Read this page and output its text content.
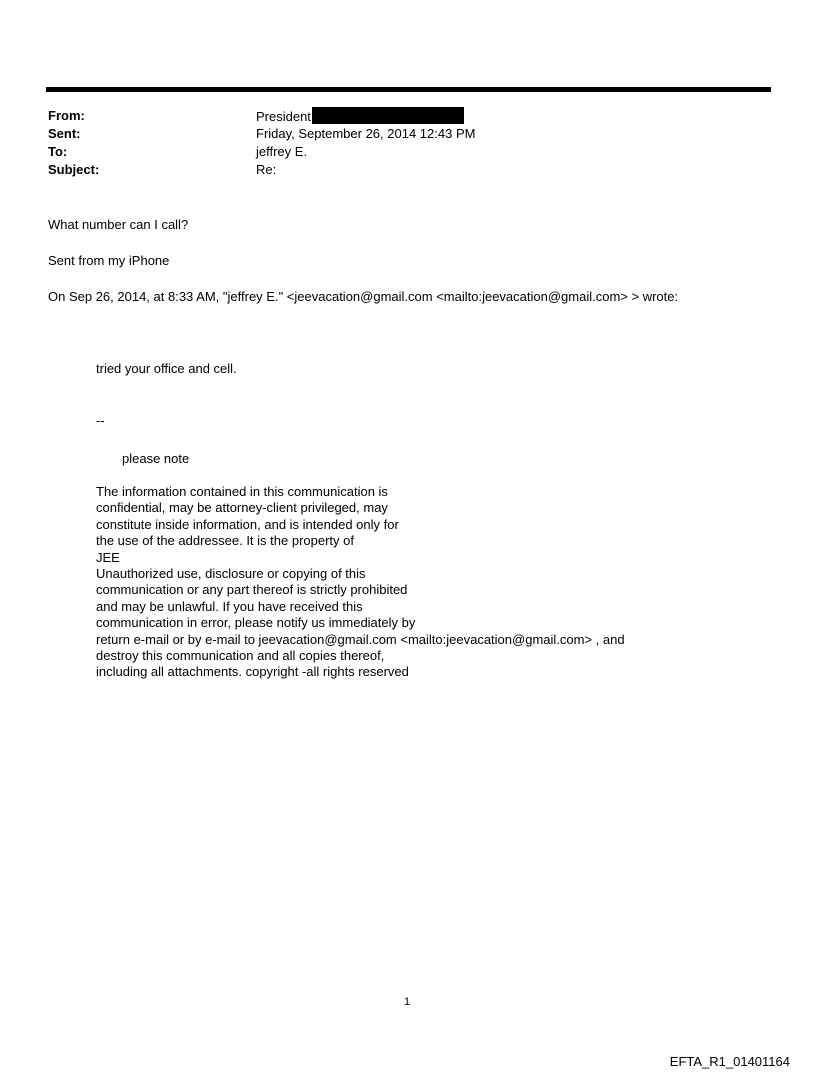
From:	President
Sent:	Friday, September 26, 2014 12:43 PM
To:	jeffrey E.
Subject:	Re:
What number can I call?
Sent from my iPhone
On Sep 26, 2014, at 8:33 AM, "jeffrey E." <jeevacation@gmail.com <mailto:jeevacation@gmail.com> > wrote:
tried your office and cell.
--
please note
The information contained in this communication is
confidential, may be attorney-client privileged, may
constitute inside information, and is intended only for
the use of the addressee. It is the property of
JEE
Unauthorized use, disclosure or copying of this
communication or any part thereof is strictly prohibited
and may be unlawful. If you have received this
communication in error, please notify us immediately by
return e-mail or by e-mail to jeevacation@gmail.com <mailto:jeevacation@gmail.com> , and
destroy this communication and all copies thereof,
including all attachments. copyright -all rights reserved
1
EFTA_R1_01401164
